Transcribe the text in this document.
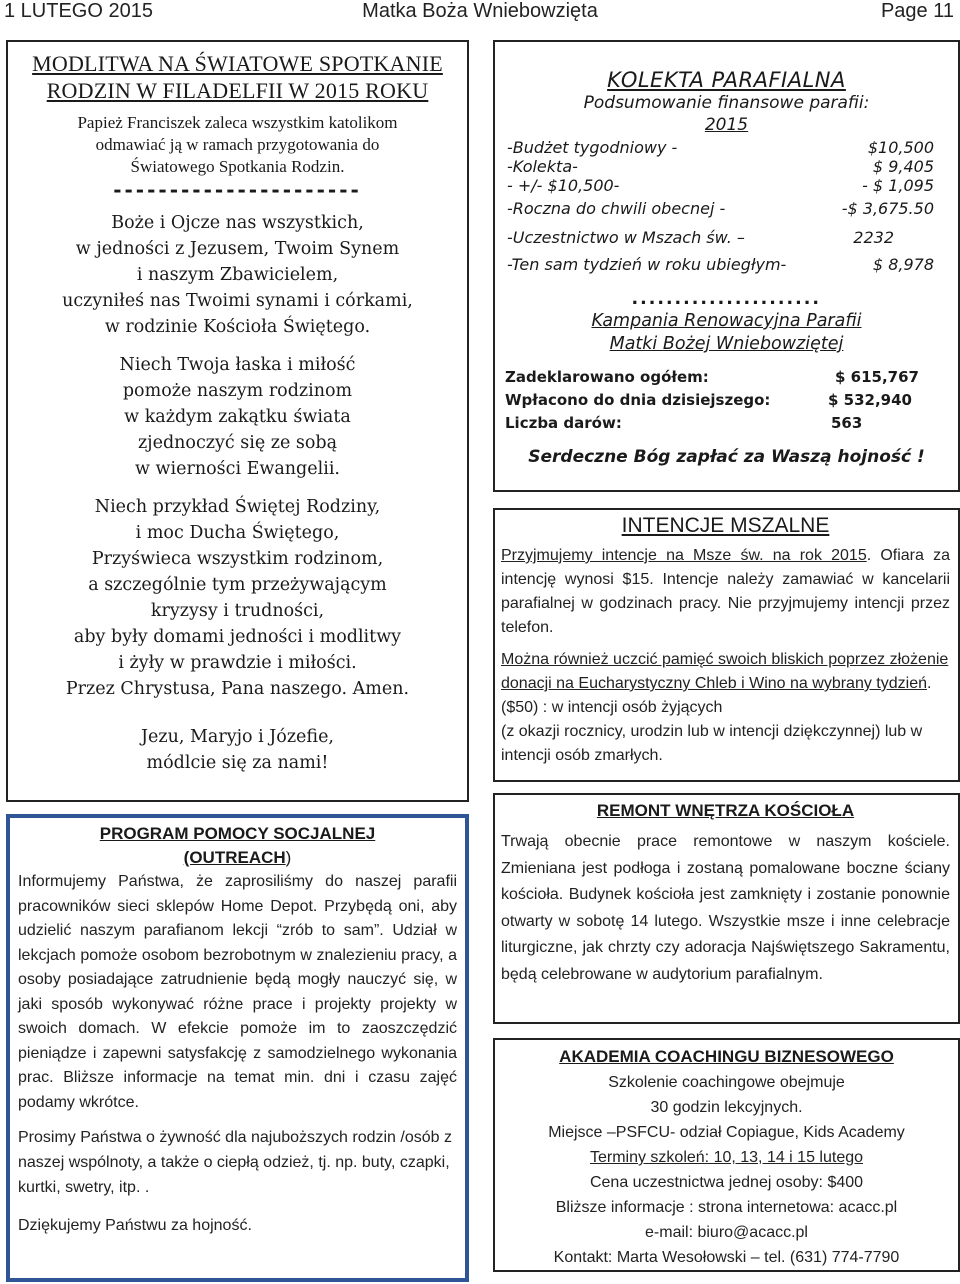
1 LUTEGO 2015	Matka Boża Wniebowzięta	Page 11
MODLITWA NA ŚWIATOWE SPOTKANIE
RODZIN W FILADELFII W 2015 ROKU
Papież Franciszek zaleca wszystkim katolikom
odmawiać ją w ramach przygotowania do
Światowego Spotkania Rodzin.
----------------------
Boże i Ojcze nas wszystkich,
w jedności z Jezusem, Twoim Synem
i naszym Zbawicielem,
uczyniłeś nas Twoimi synami i córkami,
w rodzinie Kościoła Świętego.
Niech Twoja łaska i miłość
pomoże naszym rodzinom
w każdym zakątku świata
zjednoczyć się ze sobą
w wierności Ewangelii.
Niech przykład Świętej Rodziny,
i moc Ducha Świętego,
Przyświeca wszystkim rodzinom,
a szczególnie tym przeżywającym
kryzysy i trudności,
aby były domami jedności i modlitwy
i żyły w prawdzie i miłości.
Przez Chrystusa, Pana naszego. Amen.
Jezu, Maryjo i Józefie,
módlcie się za nami!
KOLEKTA PARAFIALNA
Podsumowanie finansowe parafii:
2015
-Budżet tygodniowy -	$10,500
-Kolekta-	$ 9,405
- +/- $10,500-	- $ 1,095
-Roczna do chwili obecnej -	-$ 3,675.50
-Uczestnictwo w Mszach św. –	2232
-Ten sam tydzień w roku ubiegłym-	$ 8,978
......................
Kampania Renowacyjna Parafii
Matki Bożej Wniebowziętej
Zadeklarowano ogółem:	$ 615,767
Wpłacono do dnia dzisiejszego:	$ 532,940
Liczba darów:	563
Serdeczne Bóg zapłać za Waszą hojność !
INTENCJE MSZALNE
Przyjmujemy intencje na Msze św. na rok 2015. Ofiara za intencję wynosi $15. Intencje należy zamawiać w kancelarii parafialnej w godzinach pracy. Nie przyjmujemy intencji przez telefon.
Można również uczcić pamięć swoich bliskich poprzez złożenie donacji na Eucharystyczny Chleb i Wino na wybrany tydzień. ($50) : w intencji osób żyjących
(z okazji rocznicy, urodzin lub w intencji dziękczynnej) lub w intencji osób zmarłych.
REMONT WNĘTRZA KOŚCIOŁA
Trwają obecnie prace remontowe w naszym kościele. Zmieniana jest podłoga i zostaną pomalowane boczne ściany kościoła. Budynek kościoła jest zamknięty i zostanie ponownie otwarty w sobotę 14 lutego. Wszystkie msze i inne celebracje liturgiczne, jak chrzty czy adoracja Najświętszego Sakramentu, będą celebrowane w audytorium parafialnym.
AKADEMIA COACHINGU BIZNESOWEGO
Szkolenie coachingowe obejmuje
30 godzin lekcyjnych.
Miejsce –PSFCU- odział Copiague, Kids Academy
Terminy szkoleń: 10, 13, 14 i 15 lutego
Cena uczestnictwa jednej osoby: $400
Bliższe informacje : strona internetowa: acacc.pl
e-mail: biuro@acacc.pl
Kontakt: Marta Wesołowski – tel. (631) 774-7790
PROGRAM POMOCY SOCJALNEJ
(OUTREACH)
Informujemy Państwa, że zaprosiliśmy do naszej parafii pracowników sieci sklepów Home Depot. Przybędą oni, aby udzielić naszym parafianom lekcji “zrób to sam”. Udział w lekcjach pomoże osobom bezrobotnym w znalezieniu pracy, a osoby posiadające zatrudnienie będą mogły nauczyć się, w jaki sposób wykonywać różne prace i projekty projekty w swoich domach. W efekcie pomoże im to zaoszczędzić pieniądze i zapewni satysfakcję z samodzielnego wykonania prac. Bliższe informacje na temat min. dni i czasu zajęć podamy wkrótce.
Prosimy Państwa o żywność dla najuboższych rodzin /osób z naszej wspólnoty, a także o ciepłą odzież, tj. np. buty, czapki, kurtki, swetry, itp. .
Dziękujemy Państwu za hojność.
